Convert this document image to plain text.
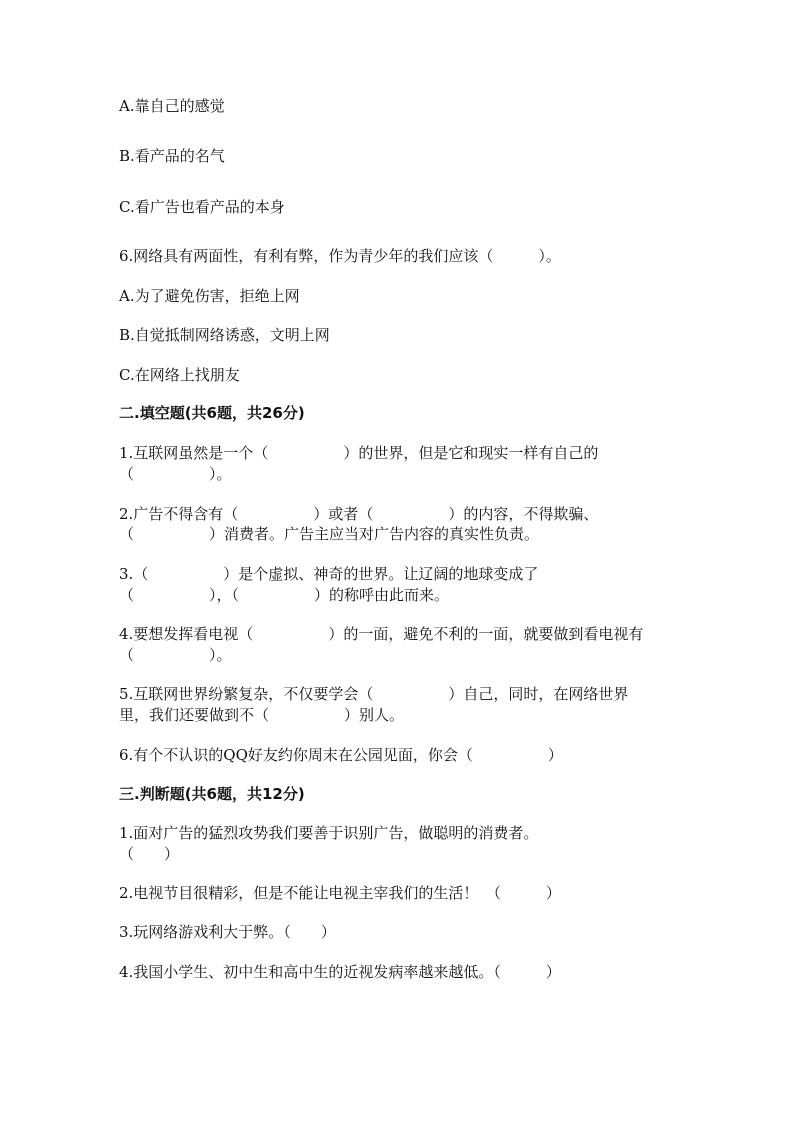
A.靠自己的感觉
B.看产品的名气
C.看广告也看产品的本身
6.网络具有两面性，有利有弊，作为青少年的我们应该（　　　）。
A.为了避免伤害，拒绝上网
B.自觉抵制网络诱惑，文明上网
C.在网络上找朋友
二.填空题(共6题，共26分)
1.互联网虽然是一个（　　　　　）的世界，但是它和现实一样有自己的
（　　　　　）。
2.广告不得含有（　　　　　）或者（　　　　　）的内容，不得欺骗、
（　　　　　）消费者。广告主应当对广告内容的真实性负责。
3.（　　　　　）是个虚拟、神奇的世界。让辽阔的地球变成了
（　　　　　），（　　　　　）的称呼由此而来。
4.要想发挥看电视（　　　　　）的一面，避免不利的一面，就要做到看电视有
（　　　　　）。
5.互联网世界纷繁复杂，不仅要学会（　　　　　）自己，同时，在网络世界
里，我们还要做到不（　　　　　）别人。
6.有个不认识的QQ好友约你周末在公园见面，你会（　　　　　）
三.判断题(共6题，共12分)
1.面对广告的猛烈攻势我们要善于识别广告，做聪明的消费者。
（　　）
2.电视节目很精彩，但是不能让电视主宰我们的生活！　（　　　）
3.玩网络游戏利大于弊。（　　）
4.我国小学生、初中生和高中生的近视发病率越来越低。（　　　）
